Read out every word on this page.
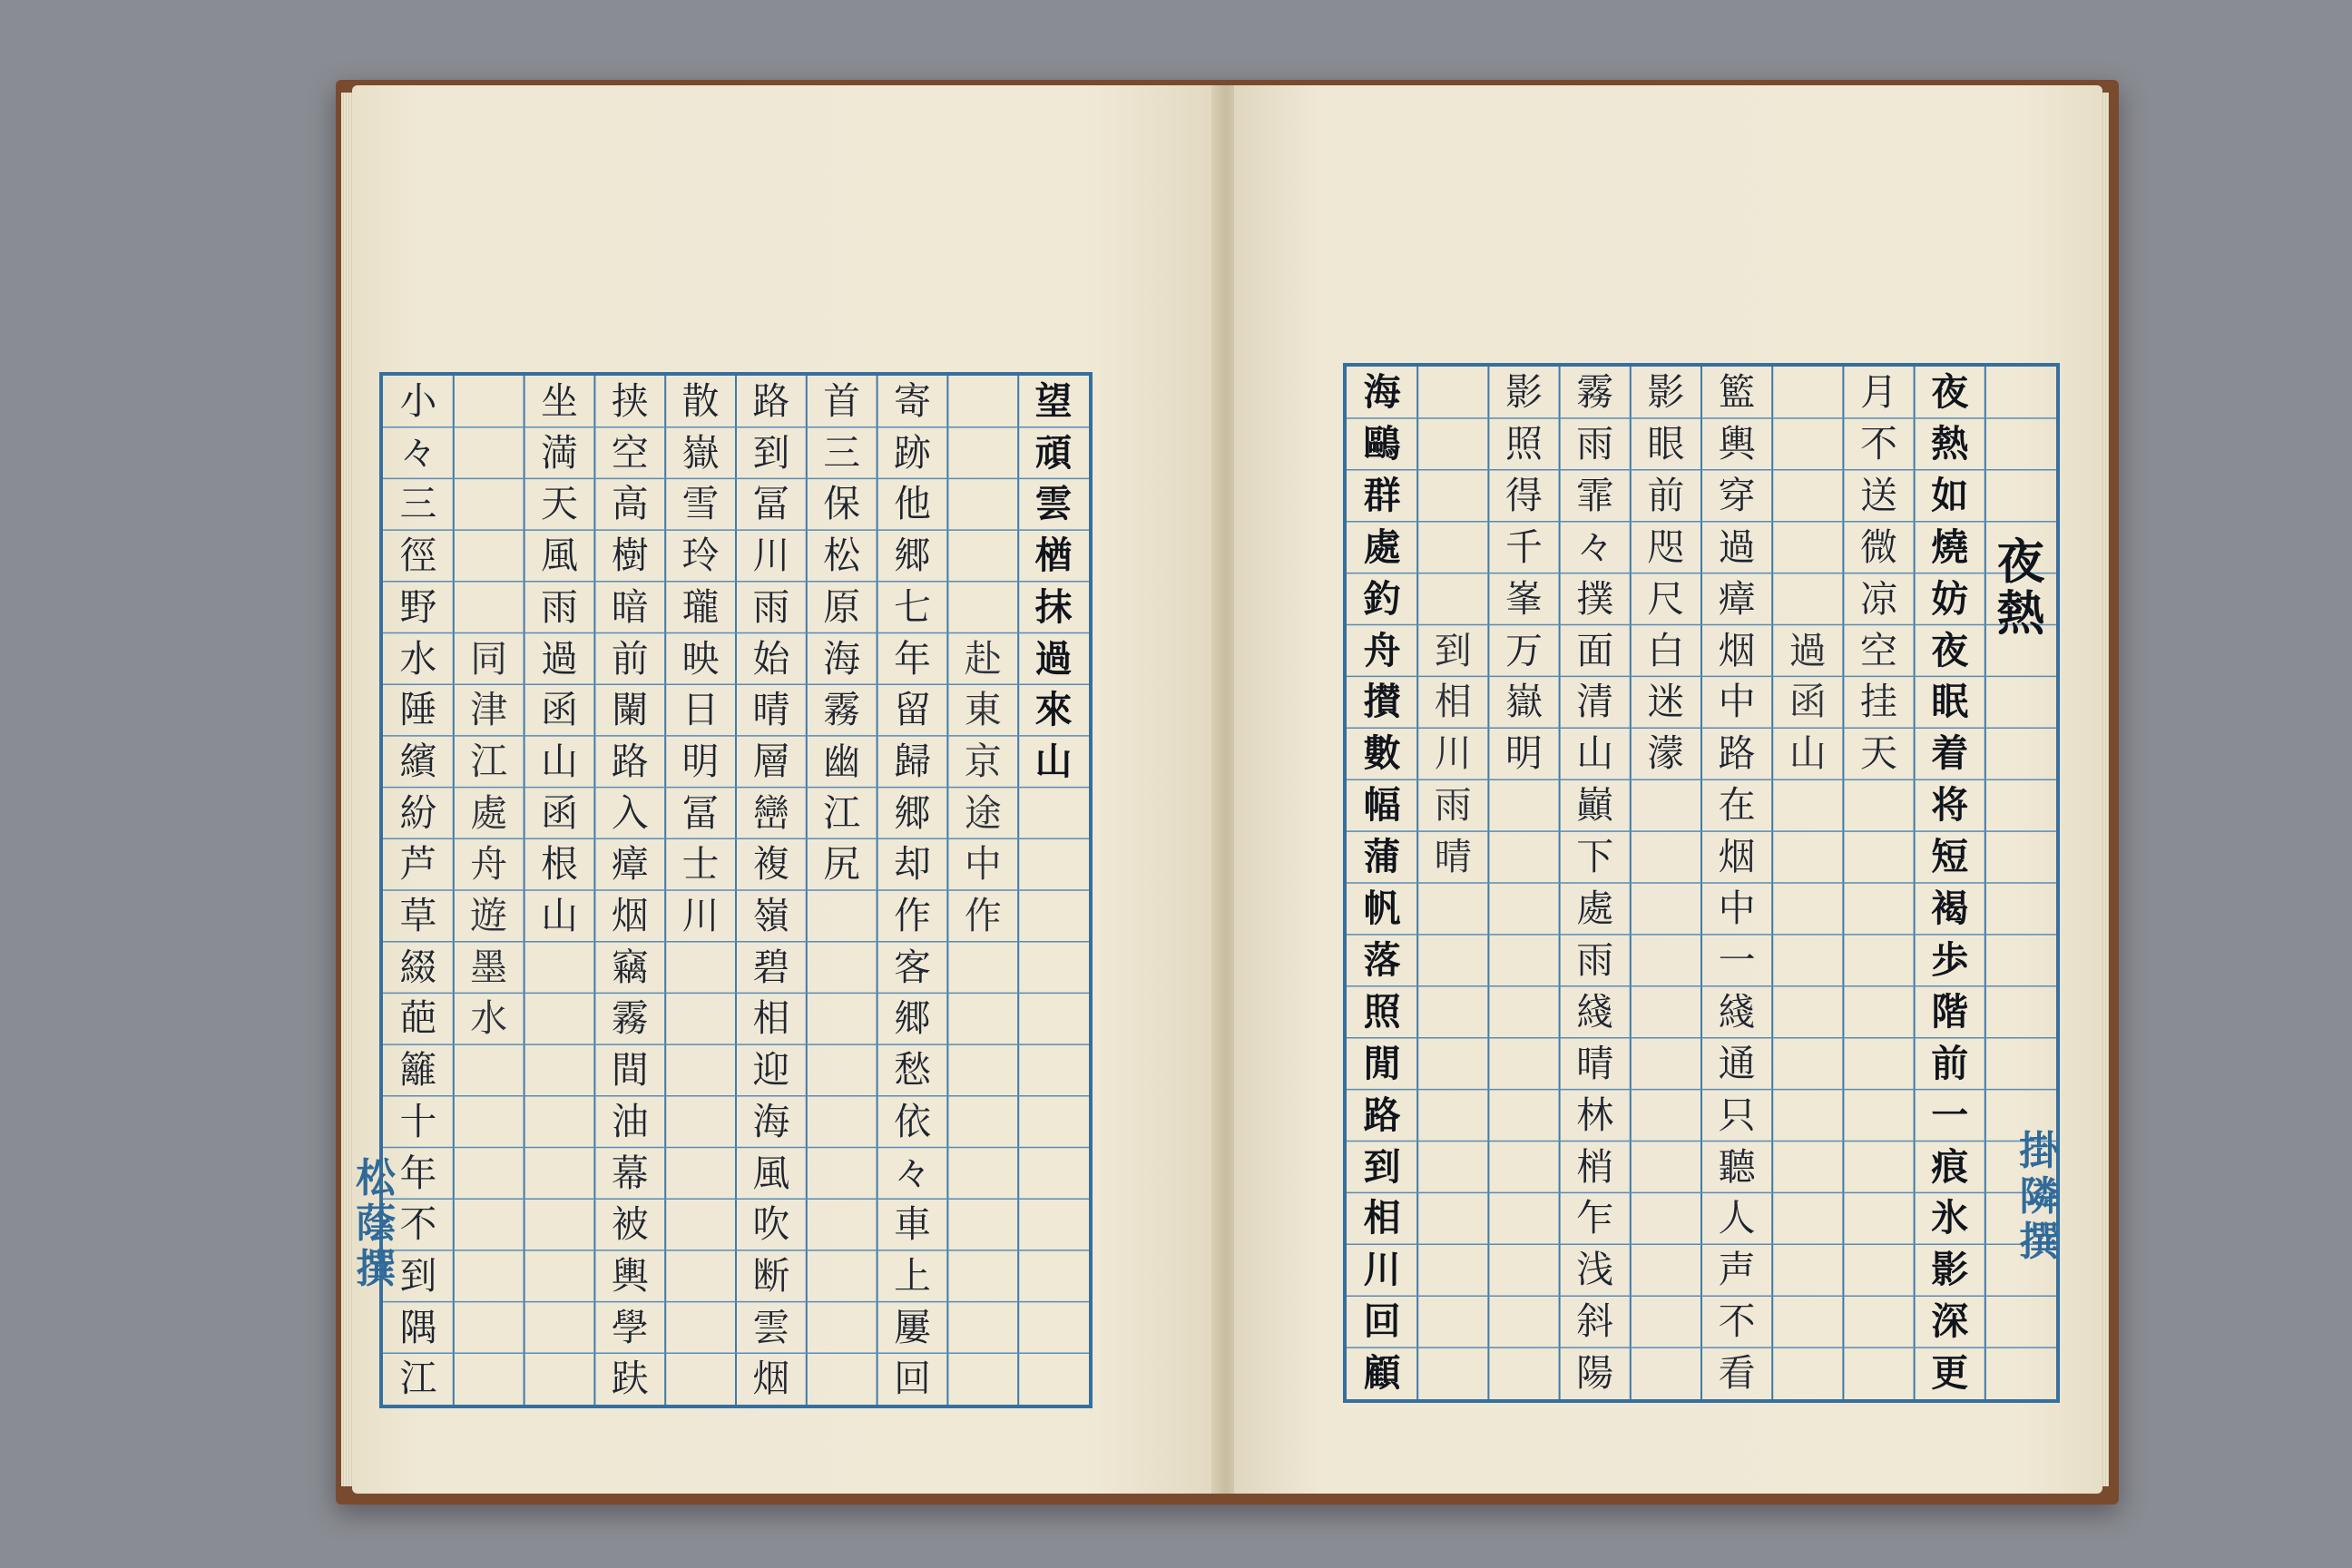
望
頑
雲
楢
抹
過
來
山
赴
東
京
途
中
作
寄
跡
他
郷
七
年
留
歸
郷
却
作
客
郷
愁
依
々
車
上
屢
回
首
三
保
松
原
海
霧
幽
江
尻
路
到
冨
川
雨
始
晴
層
巒
複
嶺
碧
相
迎
海
風
吹
断
雲
烟
散
嶽
雪
玲
瓏
映
日
明
冨
士
川
挟
空
高
樹
暗
前
闌
路
入
瘴
烟
竊
霧
間
油
幕
被
輿
學
趺
坐
満
天
風
雨
過
函
山
函
根
山
同
津
江
處
舟
遊
墨
水
小
々
三
徑
野
水
陲
繽
紛
芦
草
綴
葩
籬
十
年
不
到
隅
江
松
蔭
撰
夜
熱
夜
熱
如
燒
妨
夜
眠
着
将
短
褐
歩
階
前
一
痕
氷
影
深
更
月
不
送
微
凉
空
挂
天
過
函
山
籃
輿
穿
過
瘴
烟
中
路
在
烟
中
一
綫
通
只
聽
人
声
不
看
影
眼
前
咫
尺
白
迷
濛
霧
雨
霏
々
撲
面
清
山
巓
下
處
雨
綫
晴
林
梢
乍
浅
斜
陽
影
照
得
千
峯
万
嶽
明
到
相
川
雨
晴
海
鷗
群
處
釣
舟
攅
數
幅
蒲
帆
落
照
閒
路
到
相
川
回
顧
掛
隣
撰
